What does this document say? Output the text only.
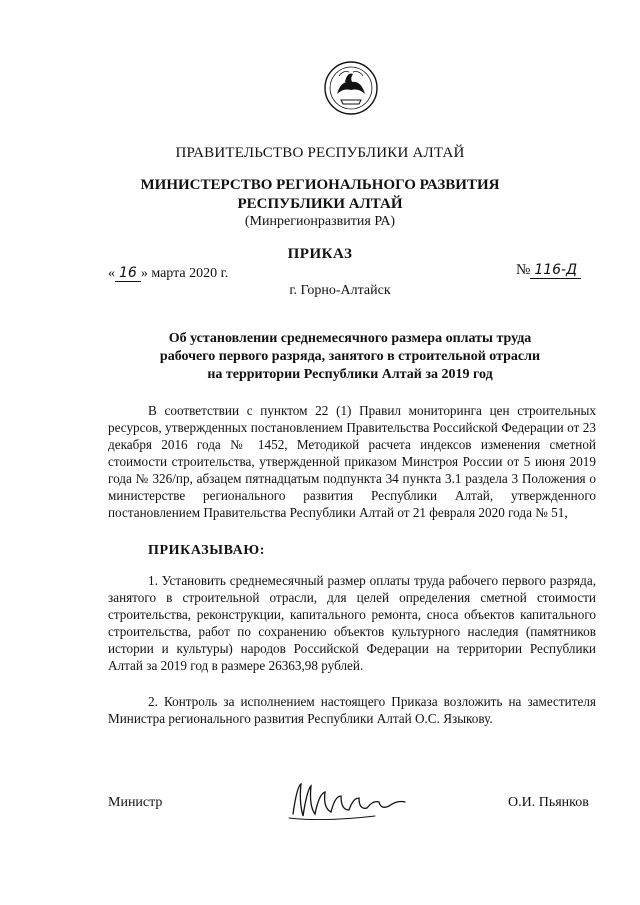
ПРАВИТЕЛЬСТВО РЕСПУБЛИКИ АЛТАЙ
МИНИСТЕРСТВО РЕГИОНАЛЬНОГО РАЗВИТИЯ
РЕСПУБЛИКИ АЛТАЙ
(Минрегионразвития РА)
ПРИКАЗ
« 16 » марта 2020 г.	№ 116-Д
г. Горно-Алтайск
Об установлении среднемесячного размера оплаты труда
рабочего первого разряда, занятого в строительной отрасли
на территории Республики Алтай за 2019 год
В соответствии с пунктом 22 (1) Правил мониторинга цен строительных ресурсов, утвержденных постановлением Правительства Российской Федерации от 23 декабря 2016 года № 1452, Методикой расчета индексов изменения сметной стоимости строительства, утвержденной приказом Минстроя России от 5 июня 2019 года № 326/пр, абзацем пятнадцатым подпункта 34 пункта 3.1 раздела 3 Положения о министерстве регионального развития Республики Алтай, утвержденного постановлением Правительства Республики Алтай от 21 февраля 2020 года № 51,
ПРИКАЗЫВАЮ:
1. Установить среднемесячный размер оплаты труда рабочего первого разряда, занятого в строительной отрасли, для целей определения сметной стоимости строительства, реконструкции, капитального ремонта, сноса объектов капитального строительства, работ по сохранению объектов культурного наследия (памятников истории и культуры) народов Российской Федерации на территории Республики Алтай за 2019 год в размере 26363,98 рублей.
2. Контроль за исполнением настоящего Приказа возложить на заместителя Министра регионального развития Республики Алтай О.С. Языкову.
Министр	О.И. Пьянков
